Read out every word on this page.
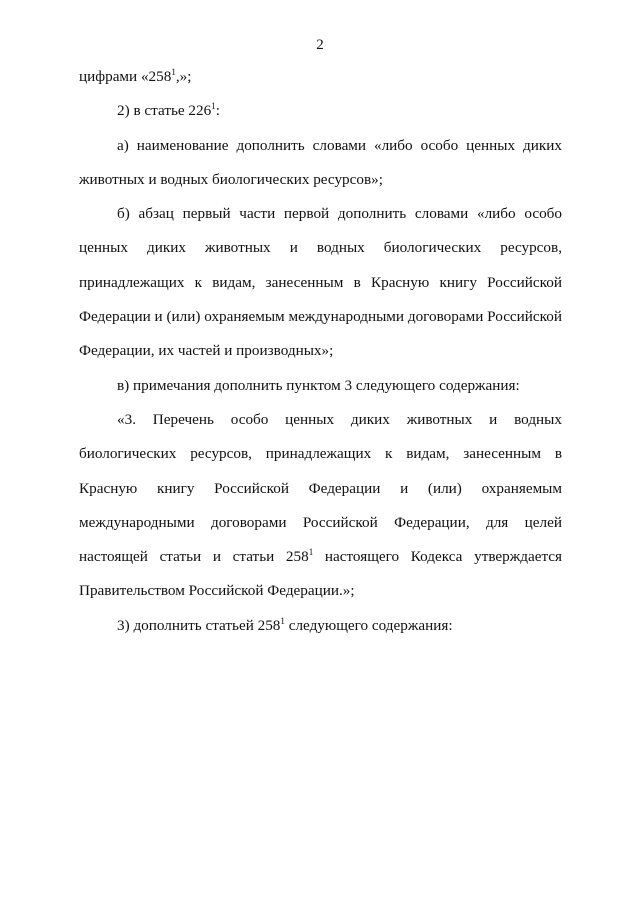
2

цифрами «$258^1$,»;

2) в статье $226^1$:

а) наименование дополнить словами «либо особо ценных диких животных и водных биологических ресурсов»;

б) абзац первый части первой дополнить словами «либо особо ценных диких животных и водных биологических ресурсов, принадлежащих к видам, занесенным в Красную книгу Российской Федерации и (или) охраняемым международными договорами Российской Федерации, их частей и производных»;

в) примечания дополнить пунктом 3 следующего содержания:

«3. Перечень особо ценных диких животных и водных биологических ресурсов, принадлежащих к видам, занесенным в Красную книгу Российской Федерации и (или) охраняемым международными договорами Российской Федерации, для целей настоящей статьи и статьи $258^1$ настоящего Кодекса утверждается Правительством Российской Федерации.»;

3) дополнить статьей $258^1$ следующего содержания:
